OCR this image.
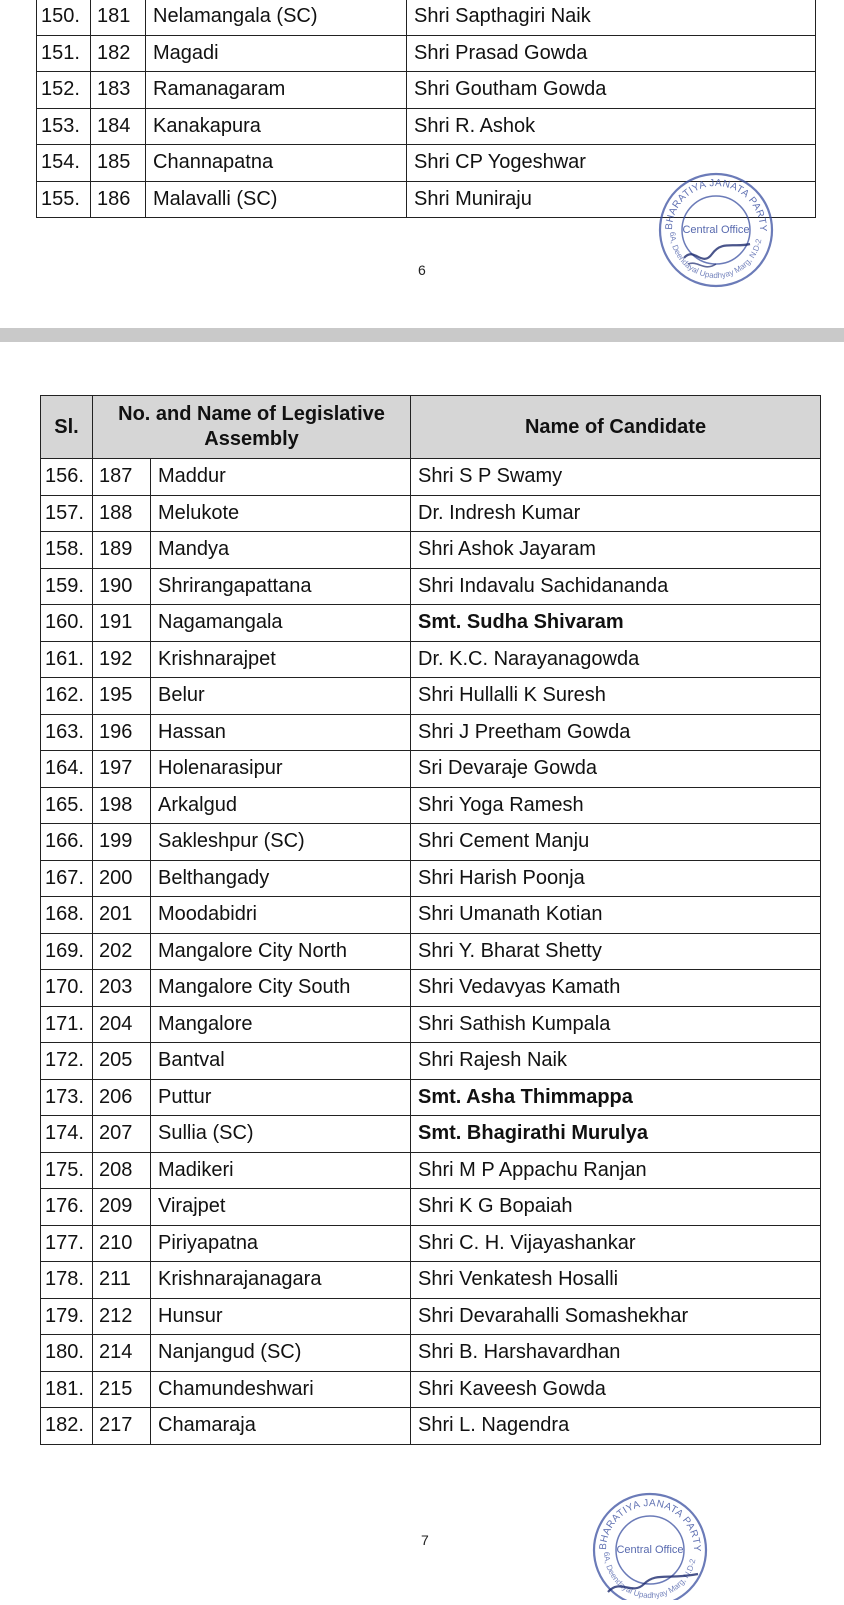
150.	181	Nelamangala (SC)	Shri Sapthagiri Naik
151.	182	Magadi	Shri Prasad Gowda
152.	183	Ramanagaram	Shri Goutham Gowda
153.	184	Kanakapura	Shri R. Ashok
154.	185	Channapatna	Shri CP Yogeshwar
155.	186	Malavalli (SC)	Shri Muniraju
6
BHARATIYA JANATA PARTY
Central Office
6A, Deendayal Upadhyay Marg, N.D-2
Sl.	No. and Name of Legislative Assembly		Name of Candidate
156.	187	Maddur	Shri S P Swamy
157.	188	Melukote	Dr. Indresh Kumar
158.	189	Mandya	Shri Ashok Jayaram
159.	190	Shrirangapattana	Shri Indavalu Sachidananda
160.	191	Nagamangala	Smt. Sudha Shivaram
161.	192	Krishnarajpet	Dr. K.C. Narayanagowda
162.	195	Belur	Shri Hullalli K Suresh
163.	196	Hassan	Shri J Preetham Gowda
164.	197	Holenarasipur	Sri Devaraje Gowda
165.	198	Arkalgud	Shri Yoga Ramesh
166.	199	Sakleshpur (SC)	Shri Cement Manju
167.	200	Belthangady	Shri Harish Poonja
168.	201	Moodabidri	Shri Umanath Kotian
169.	202	Mangalore City North	Shri Y. Bharat Shetty
170.	203	Mangalore City South	Shri Vedavyas Kamath
171.	204	Mangalore	Shri Sathish Kumpala
172.	205	Bantval	Shri Rajesh Naik
173.	206	Puttur	Smt. Asha Thimmappa
174.	207	Sullia (SC)	Smt. Bhagirathi Murulya
175.	208	Madikeri	Shri M P Appachu Ranjan
176.	209	Virajpet	Shri K G Bopaiah
177.	210	Piriyapatna	Shri C. H. Vijayashankar
178.	211	Krishnarajanagara	Shri Venkatesh Hosalli
179.	212	Hunsur	Shri Devarahalli Somashekhar
180.	214	Nanjangud (SC)	Shri B. Harshavardhan
181.	215	Chamundeshwari	Shri Kaveesh Gowda
182.	217	Chamaraja	Shri L. Nagendra
7	BHARATIYA JANATA PARTY
Central Office
6A, Deendayal Upadhyay Marg, N.D-2
